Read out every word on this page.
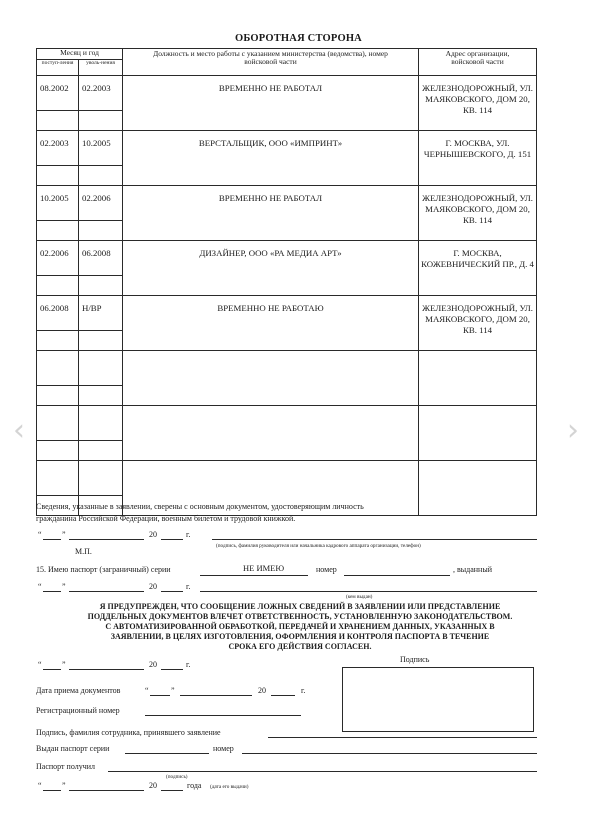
‹	›
ОБОРОТНАЯ СТОРОНА
Месяц и год		Должность и место работы с указанием министерства (ведомства), номер войсковой части	Адрес организации, войсковой части
поступ-ления	уволь-нения		
08.2002	02.2003	ВРЕМЕННО НЕ РАБОТАЛ	ЖЕЛЕЗНОДОРОЖНЫЙ, УЛ. МАЯКОВСКОГО, ДОМ 20, КВ. 114

02.2003	10.2005	ВЕРСТАЛЬЩИК, ООО «ИМПРИНТ»	Г. МОСКВА, УЛ. ЧЕРНЫШЕВСКОГО, Д. 151

10.2005	02.2006	ВРЕМЕННО НЕ РАБОТАЛ	ЖЕЛЕЗНОДОРОЖНЫЙ, УЛ. МАЯКОВСКОГО, ДОМ 20, КВ. 114

02.2006	06.2008	ДИЗАЙНЕР, ООО «РА МЕДИА АРТ»	Г. МОСКВА, КОЖЕВНИЧЕСКИЙ ПР., Д. 4

06.2008	Н/ВР	ВРЕМЕННО НЕ РАБОТАЮ	ЖЕЛЕЗНОДОРОЖНЫЙ, УЛ. МАЯКОВСКОГО, ДОМ 20, КВ. 114

Сведения, указанные в заявлении, сверены с основным документом, удостоверяющим личность
гражданина Российской Федерации, военным билетом и трудовой книжкой.
“	”	20	г.
М.П.
(подпись, фамилия руководителя или начальника кадрового аппарата организации, телефон)
15. Имею паспорт (заграничный) серии	НЕ ИМЕЮ	номер	, выданный
“	”	20	г.
(кем выдан)
Я ПРЕДУПРЕЖДЕН, ЧТО СООБЩЕНИЕ ЛОЖНЫХ СВЕДЕНИЙ В ЗАЯВЛЕНИИ ИЛИ ПРЕДСТАВЛЕНИЕ
ПОДДЕЛЬНЫХ ДОКУМЕНТОВ ВЛЕЧЕТ ОТВЕТСТВЕННОСТЬ, УСТАНОВЛЕННУЮ ЗАКОНОДАТЕЛЬСТВОМ.
С АВТОМАТИЗИРОВАННОЙ ОБРАБОТКОЙ, ПЕРЕДАЧЕЙ И ХРАНЕНИЕМ ДАННЫХ, УКАЗАННЫХ В
ЗАЯВЛЕНИИ, В ЦЕЛЯХ ИЗГОТОВЛЕНИЯ, ОФОРМЛЕНИЯ И КОНТРОЛЯ ПАСПОРТА В ТЕЧЕНИЕ
СРОКА ЕГО ДЕЙСТВИЯ СОГЛАСЕН.
“	”	20	г.
Подпись
Дата приема документов	“	”	20	г.
Регистрационный номер
Подпись, фамилия сотрудника, принявшего заявление
Выдан паспорт серии	номер
Паспорт получил
(подпись)
“	”	20	года (дата его выдачи)
